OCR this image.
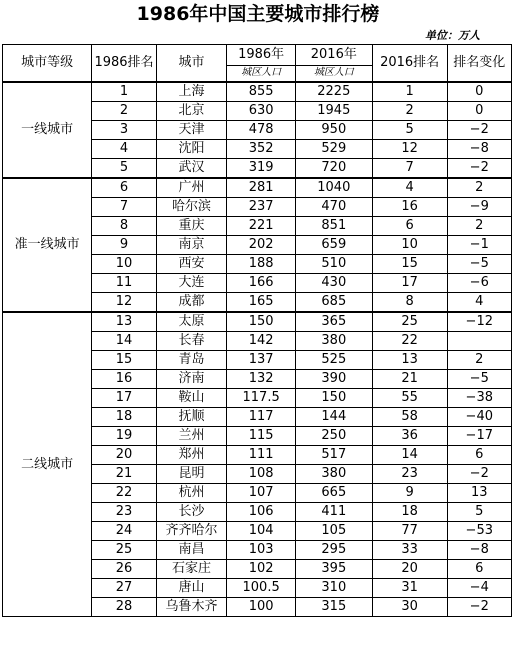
1986年中国主要城市排行榜
单位：万人
城市等级	1986排名	城市	1986年	2016年	2016排名	排名变化
			城区人口	城区人口		
一线城市	1	上海	855	2225	1	0
	2	北京	630	1945	2	0
	3	天津	478	950	5	−2
	4	沈阳	352	529	12	−8
	5	武汉	319	720	7	−2
准一线城市	6	广州	281	1040	4	2
	7	哈尔滨	237	470	16	−9
	8	重庆	221	851	6	2
	9	南京	202	659	10	−1
	10	西安	188	510	15	−5
	11	大连	166	430	17	−6
	12	成都	165	685	8	4
二线城市	13	太原	150	365	25	−12
	14	长春	142	380	22	
	15	青岛	137	525	13	2
	16	济南	132	390	21	−5
	17	鞍山	117.5	150	55	−38
	18	抚顺	117	144	58	−40
	19	兰州	115	250	36	−17
	20	郑州	111	517	14	6
	21	昆明	108	380	23	−2
	22	杭州	107	665	9	13
	23	长沙	106	411	18	5
	24	齐齐哈尔	104	105	77	−53
	25	南昌	103	295	33	−8
	26	石家庄	102	395	20	6
	27	唐山	100.5	310	31	−4
	28	乌鲁木齐	100	315	30	−2
